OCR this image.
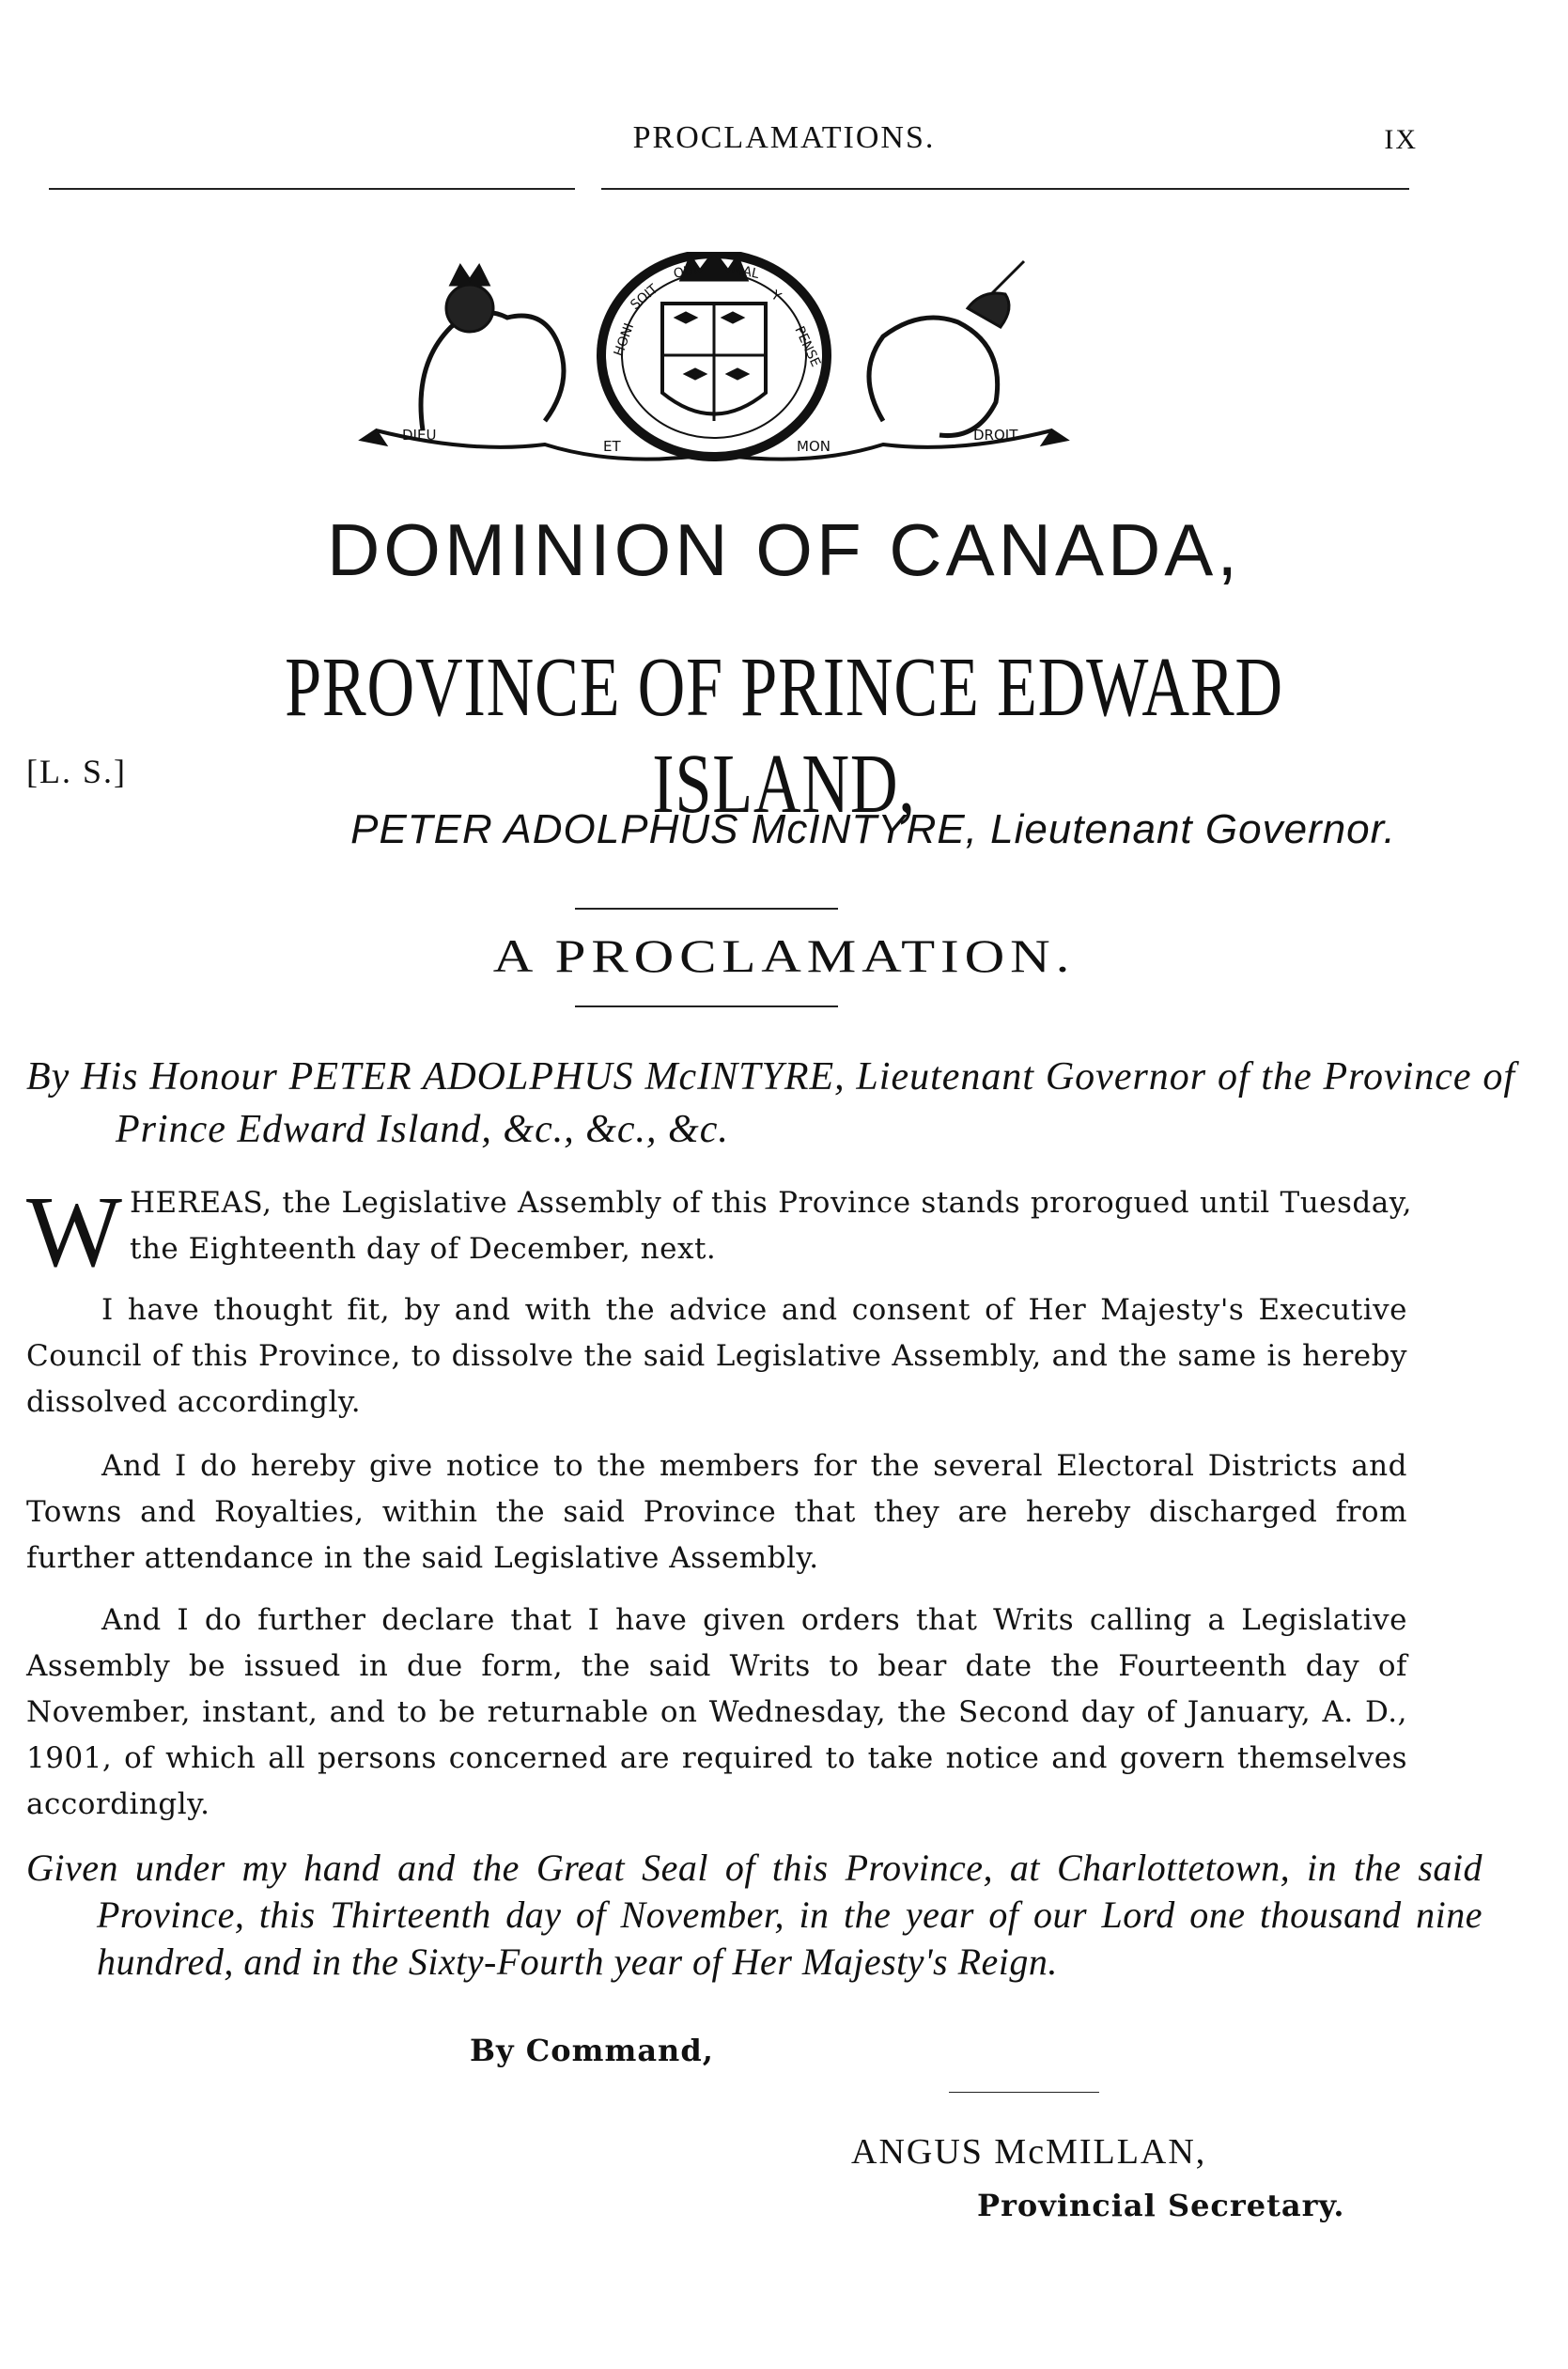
PROCLAMATIONS.	IX
DIEU
ET	MON
DROIT
HONI
SOIT
QUI MAL
Y
PENSE
DOMINION OF CANADA,
PROVINCE OF PRINCE EDWARD ISLAND,
[L. S.]
PETER ADOLPHUS McINTYRE, Lieutenant Governor.
A PROCLAMATION.
By His Honour PETER ADOLPHUS McINTYRE, Lieutenant Governor of the Province of Prince Edward Island, &c., &c., &c.
W HEREAS, the Legislative Assembly of this Province stands prorogued until Tuesday, the Eighteenth day of December, next.
I have thought fit, by and with the advice and consent of Her Majesty's Executive Council of this Province, to dissolve the said Legislative Assembly, and the same is hereby dissolved accordingly.
And I do hereby give notice to the members for the several Electoral Districts and Towns and Royalties, within the said Province that they are hereby discharged from further attendance in the said Legislative Assembly.
And I do further declare that I have given orders that Writs calling a Legislative Assembly be issued in due form, the said Writs to bear date the Fourteenth day of November, instant, and to be returnable on Wednesday, the Second day of January, A. D., 1901, of which all persons concerned are required to take notice and govern themselves accordingly.
Given under my hand and the Great Seal of this Province, at Charlottetown, in the said Province, this Thirteenth day of November, in the year of our Lord one thousand nine hundred, and in the Sixty-Fourth year of Her Majesty's Reign.
By Command,
ANGUS McMILLAN,
Provincial Secretary.
